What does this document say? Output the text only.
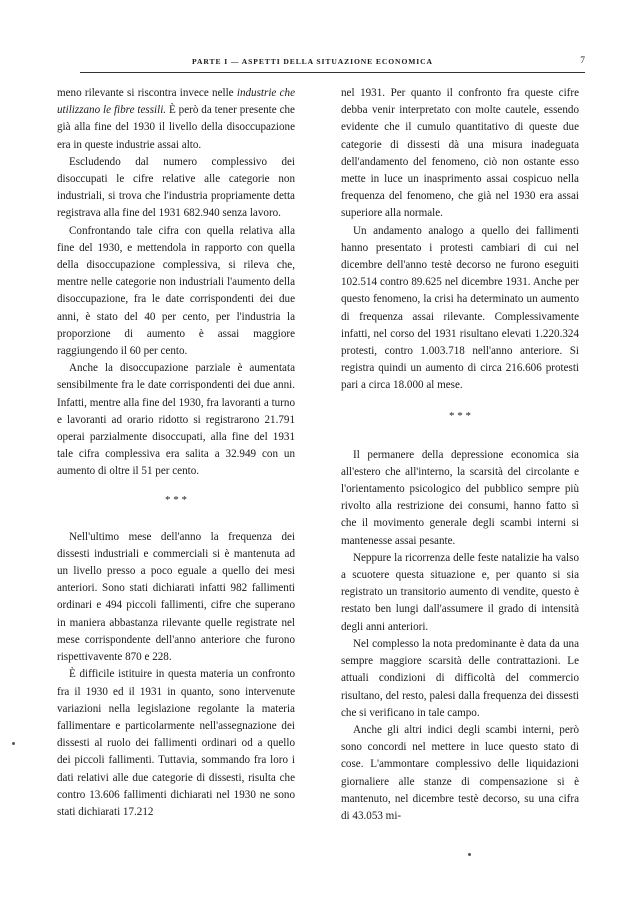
PARTE I — ASPETTI DELLA SITUAZIONE ECONOMICA	7

meno rilevante si riscontra invece nelle industrie che utilizzano le fibre tessili. È però da tener presente che già alla fine del 1930 il livello della disoccupazione era in queste industrie assai alto.

Escludendo dal numero complessivo dei disoccupati le cifre relative alle categorie non industriali, si trova che l'industria propriamente detta registrava alla fine del 1931 682.940 senza lavoro.

Confrontando tale cifra con quella relativa alla fine del 1930, e mettendola in rapporto con quella della disoccupazione complessiva, si rileva che, mentre nelle categorie non industriali l'aumento della disoccupazione, fra le date corrispondenti dei due anni, è stato del 40 per cento, per l'industria la proporzione di aumento è assai maggiore raggiungendo il 60 per cento.

Anche la disoccupazione parziale è aumentata sensibilmente fra le date corrispondenti dei due anni. Infatti, mentre alla fine del 1930, fra lavoranti a turno e lavoranti ad orario ridotto si registrarono 21.791 operai parzialmente disoccupati, alla fine del 1931 tale cifra complessiva era salita a 32.949 con un aumento di oltre il 51 per cento.

* * *

Nell'ultimo mese dell'anno la frequenza dei dissesti industriali e commerciali si è mantenuta ad un livello presso a poco eguale a quello dei mesi anteriori. Sono stati dichiarati infatti 982 fallimenti ordinari e 494 piccoli fallimenti, cifre che superano in maniera abbastanza rilevante quelle registrate nel mese corrispondente dell'anno anteriore che furono rispettivavente 870 e 228.

È difficile istituire in questa materia un confronto fra il 1930 ed il 1931 in quanto, sono intervenute variazioni nella legislazione regolante la materia fallimentare e particolarmente nell'assegnazione dei dissesti al ruolo dei fallimenti ordinari od a quello dei piccoli fallimenti. Tuttavia, sommando fra loro i dati relativi alle due categorie di dissesti, risulta che contro 13.606 fallimenti dichiarati nel 1930 ne sono stati dichiarati 17.212

nel 1931. Per quanto il confronto fra queste cifre debba venir interpretato con molte cautele, essendo evidente che il cumulo quantitativo di queste due categorie di dissesti dà una misura inadeguata dell'andamento del fenomeno, ciò non ostante esso mette in luce un inasprimento assai cospicuo nella frequenza del fenomeno, che già nel 1930 era assai superiore alla normale.

Un andamento analogo a quello dei fallimenti hanno presentato i protesti cambiari di cui nel dicembre dell'anno testè decorso ne furono eseguiti 102.514 contro 89.625 nel dicembre 1931. Anche per questo fenomeno, la crisi ha determinato un aumento di frequenza assai rilevante. Complessivamente infatti, nel corso del 1931 risultano elevati 1.220.324 protesti, contro 1.003.718 nell'anno anteriore. Si registra quindi un aumento di circa 216.606 protesti pari a circa 18.000 al mese.

* * *

Il permanere della depressione economica sia all'estero che all'interno, la scarsità del circolante e l'orientamento psicologico del pubblico sempre più rivolto alla restrizione dei consumi, hanno fatto sì che il movimento generale degli scambi interni si mantenesse assai pesante.

Neppure la ricorrenza delle feste natalizie ha valso a scuotere questa situazione e, per quanto si sia registrato un transitorio aumento di vendite, questo è restato ben lungi dall'assumere il grado di intensità degli anni anteriori.

Nel complesso la nota predominante è data da una sempre maggiore scarsità delle contrattazioni. Le attuali condizioni di difficoltà del commercio risultano, del resto, palesi dalla frequenza dei dissesti che si verificano in tale campo.

Anche gli altri indici degli scambi interni, però sono concordi nel mettere in luce questo stato di cose. L'ammontare complessivo delle liquidazioni giornaliere alle stanze di compensazione si è mantenuto, nel dicembre testè decorso, su una cifra di 43.053 mi-
